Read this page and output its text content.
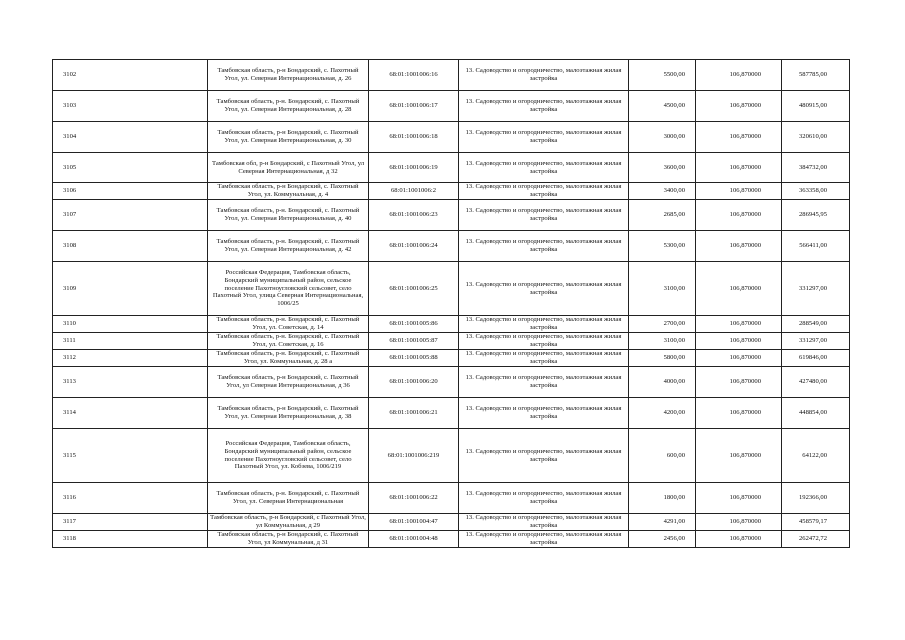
3102	Тамбовская область, р-н Бондарский, с. Пахотный Угол, ул. Северная Интернациональная, д. 26	68:01:1001006:16	13. Садоводство и огородничество, малоэтажная жилая застройка	5500,00	106,870000	587785,00
3103	Тамбовская область, р-н. Бондарский, с. Пахотный Угол, ул. Северная Интернациональная, д. 28	68:01:1001006:17	13. Садоводство и огородничество, малоэтажная жилая застройка	4500,00	106,870000	480915,00
3104	Тамбовская область, р-н Бондарский, с. Пахотный Угол, ул. Северная Интернациональная, д. 30	68:01:1001006:18	13. Садоводство и огородничество, малоэтажная жилая застройка	3000,00	106,870000	320610,00
3105	Тамбовская обл, р-н Бондарский, с Пахотный Угол, ул Северная Интернациональная, д 32	68:01:1001006:19	13. Садоводство и огородничество, малоэтажная жилая застройка	3600,00	106,870000	384732,00
3106	Тамбовская область, р-н Бондарский, с. Пахотный Угол, ул. Коммунальная, д. 4	68:01:1001006:2	13. Садоводство и огородничество, малоэтажная жилая застройка	3400,00	106,870000	363358,00
3107	Тамбовская область, р-н. Бондарский, с. Пахотный Угол, ул. Северная Интернациональная, д. 40	68:01:1001006:23	13. Садоводство и огородничество, малоэтажная жилая застройка	2685,00	106,870000	286945,95
3108	Тамбовская область, р-н. Бондарский, с. Пахотный Угол, ул. Северная Интернациональная, д. 42	68:01:1001006:24	13. Садоводство и огородничество, малоэтажная жилая застройка	5300,00	106,870000	566411,00
3109	Российская Федерация, Тамбовская область, Бондарский муниципальный район, сельское поселение Пахотноугловский сельсовет, село Пахотный Угол, улица Северная Интернациональная, 1006/25	68:01:1001006:25	13. Садоводство и огородничество, малоэтажная жилая застройка	3100,00	106,870000	331297,00
3110	Тамбовская область, р-н. Бондарский, с. Пахотный Угол, ул. Советская, д. 14	68:01:1001005:86	13. Садоводство и огородничество, малоэтажная жилая застройка	2700,00	106,870000	288549,00
3111	Тамбовская область, р-н. Бондарский, с. Пахотный Угол, ул. Советская, д. 16	68:01:1001005:87	13. Садоводство и огородничество, малоэтажная жилая застройка	3100,00	106,870000	331297,00
3112	Тамбовская область, р-н. Бондарский, с. Пахотный Угол, ул. Коммунальная, д. 28 а	68:01:1001005:88	13. Садоводство и огородничество, малоэтажная жилая застройка	5800,00	106,870000	619846,00
3113	Тамбовская область, р-н Бондарский, с. Пахотный Угол, ул Северная Интернациональная, д 36	68:01:1001006:20	13. Садоводство и огородничество, малоэтажная жилая застройка	4000,00	106,870000	427480,00
3114	Тамбовская область, р-н Бондарский, с. Пахотный Угол, ул. Северная Интернациональная, д. 38	68:01:1001006:21	13. Садоводство и огородничество, малоэтажная жилая застройка	4200,00	106,870000	448854,00
3115	Российская Федерация, Тамбовская область, Бондарский муниципальный район, сельское поселение Пахотноугловский сельсовет, село Пахотный Угол, ул. Кобзева, 1006/219	68:01:1001006:219	13. Садоводство и огородничество, малоэтажная жилая застройка	600,00	106,870000	64122,00
3116	Тамбовская область, р-н. Бондарский, с. Пахотный Угол, ул. Северная Интернациональная	68:01:1001006:22	13. Садоводство и огородничество, малоэтажная жилая застройка	1800,00	106,870000	192366,00
3117	Тамбовская область, р-н Бондарский, с Пахотный Угол, ул Коммунальная, д 29	68:01:1001004:47	13. Садоводство и огородничество, малоэтажная жилая застройка	4291,00	106,870000	458579,17
3118	Тамбовская область, р-н Бондарский, с. Пахотный Угол, ул Коммунальная, д 31	68:01:1001004:48	13. Садоводство и огородничество, малоэтажная жилая застройка	2456,00	106,870000	262472,72
